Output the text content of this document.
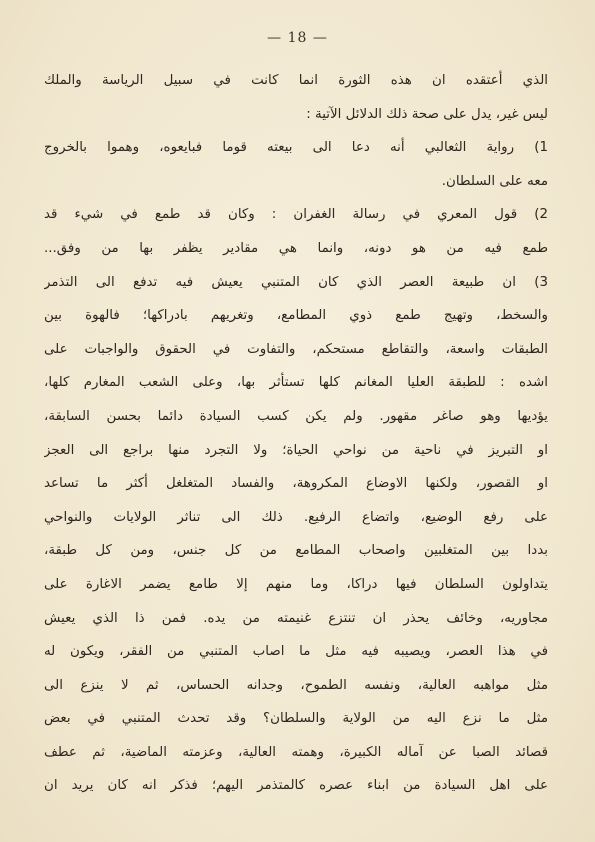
— 18 —
الذي أعتقده ان هذه الثورة انما كانت في سبيل الرياسة والملك
ليس غير، يدل على صحة ذلك الدلائل الآتية :
1) رواية الثعالبي أنه دعا الى بيعته قوما فبايعوه، وهموا بالخروج
معه على السلطان.
2) قول المعري في رسالة الغفران : وكان قد طمع في شيء قد
طمع فيه من هو دونه، وانما هي مقادير يظفر بها من وفق...
3) ان طبيعة العصر الذي كان المتنبي يعيش فيه تدفع الى التذمر
والسخط، وتهيج طمع ذوي المطامع، وتغريهم بادراكها؛ فالهوة بين
الطبقات واسعة، والتقاطع مستحكم، والتفاوت في الحقوق والواجبات على
اشده : للطبقة العليا المغانم كلها تستأثر بها، وعلى الشعب المغارم كلها،
يؤديها وهو صاغر مقهور. ولم يكن كسب السيادة دائما بحسن السابقة،
او التبريز في ناحية من نواحي الحياة؛ ولا التجرد منها براجع الى العجز
او القصور، ولكنها الاوضاع المكروهة، والفساد المتغلغل أكثر ما تساعد
على رفع الوضيع، واتضاع الرفيع. ذلك الى تناثر الولايات والنواحي
بددا بين المتغلبين واصحاب المطامع من كل جنس، ومن كل طبقة،
يتداولون السلطان فيها دراكا، وما منهم إلا طامع يضمر الاغارة على
مجاوريه، وخائف يحذر ان تنتزع غنيمته من يده. فمن ذا الذي يعيش
في هذا العصر، ويصيبه فيه مثل ما اصاب المتنبي من الفقر، ويكون له
مثل مواهبه العالية، ونفسه الطموح، وجدانه الحساس، ثم لا ينزع الى
مثل ما نزع اليه من الولاية والسلطان؟ وقد تحدث المتنبي في بعض
قصائد الصبا عن آماله الكبيرة، وهمته العالية، وعزمته الماضية، ثم عطف
على اهل السيادة من ابناء عصره كالمتذمر اليهم؛ فذكر انه كان يريد ان
